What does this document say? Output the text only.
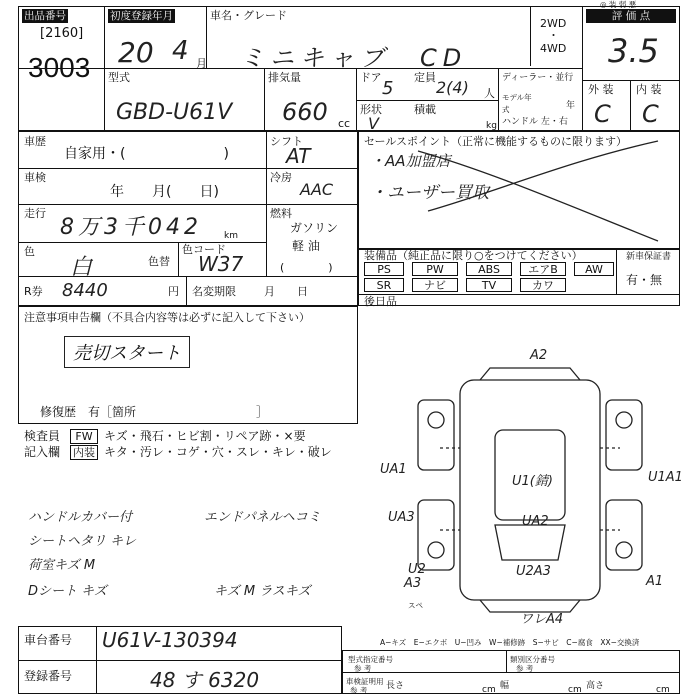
出品番号
[2160]
3003
初度登録年月
20 4 月
車名・グレード
ミニキャブ　CD
2WD
・
4WD
評 価 点
◎ 装 弱 悪
3.5
型式
GBD-U61V
排気量
660 cc
ドア
5
定員
2(4) 人
形状
V
積載
kg
ディーラー・並行
モデル年式	年
ハンドル 左・右
外 装 内 装
C C
車歴
自家用・(　　　　　　　)
シフト
AT
車検
年　　月(　　日)
冷房
AAC
走行
8万3千042 km
燃料
ガソリン
軽 油
(　　　　)
色
白	色替
色コード
W37
R券 8440	円 名変期限	月　　日
セールスポイント（正常に機能するものに限ります）
・AA加盟店
・ユーザー買取
装備品（純正品に限り○をつけてください）	新車保証書
有・無
PS	PW	ABS	エアB	AW
SR	ナビ	TV	カワ
後日品
注意事項申告欄（不具合内容等は必ずに記入して下さい）
売切スタート
修復歴　有［箇所　　　　　　　　　　］
検査員
記入欄
FW キズ・飛石・ヒビ割・リペア跡・×要
内装 キタ・汚レ・コゲ・穴・スレ・キレ・破レ
ハンドルカバー付	エンドパネルヘコミ
シートヘタリ キレ
荷室キズ M
Dシート キズ	キズ M ラスキズ
A2
U1(錆)	U1A1
UA1
UA3	UA2
U2
A3
U2A3
A1
ワレA4
スペ
A−キズ　E−エクボ　U−凹み　W−補修跡　S−サビ　C−腐食　XX−交換済
車台番号 U61V-130394
登録番号	48 す 6320
型式指定番号
参 考
類別区分番号
参 考
車検証明用
参 考 長さ	cm 幅	cm 高さ	cm
